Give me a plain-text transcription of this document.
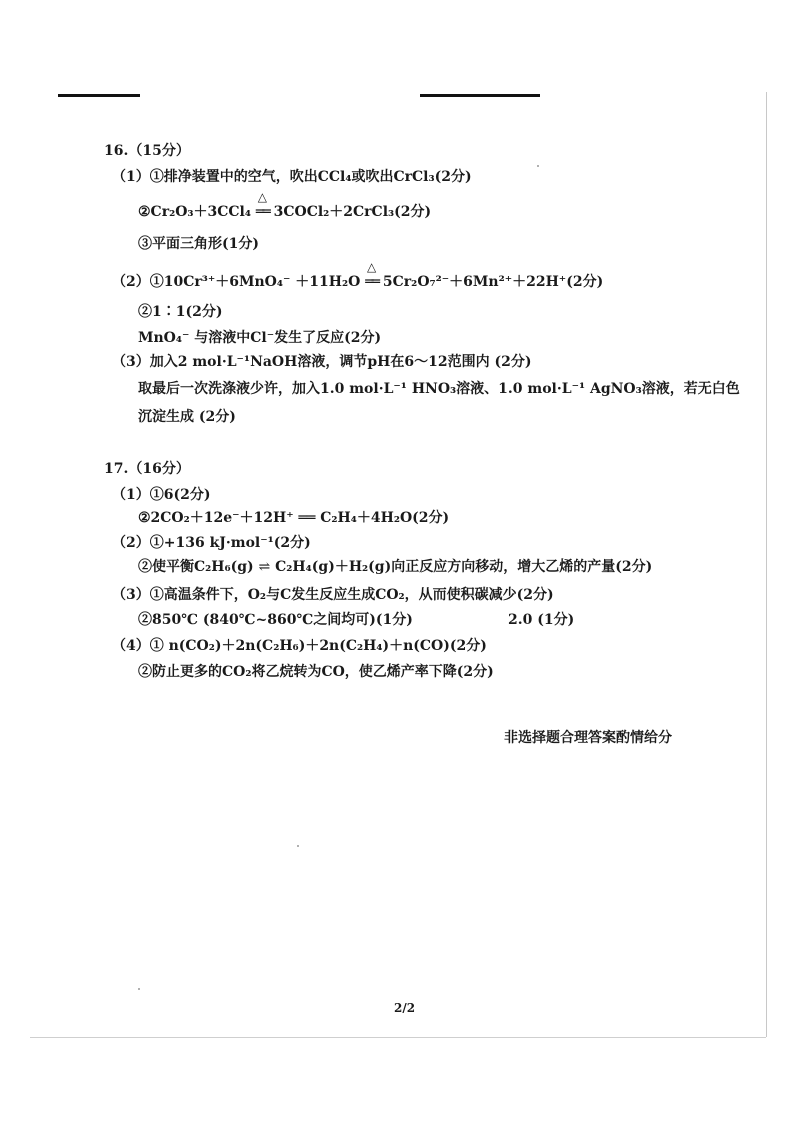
16.（15分）
（1）①排净装置中的空气，吹出CCl₄或吹出CrCl₃(2分)
②Cr₂O₃＋3CCl₄
△
══ 3COCl₂＋2CrCl₃(2分)
③平面三角形(1分)
（2）①10Cr³⁺＋6MnO₄⁻ ＋11H₂O
△
══ 5Cr₂O₇²⁻＋6Mn²⁺＋22H⁺(2分)
②1∶1(2分)
MnO₄⁻ 与溶液中Cl⁻发生了反应(2分)
（3）加入2 mol·L⁻¹NaOH溶液，调节pH在6～12范围内 (2分)
取最后一次洗涤液少许，加入1.0 mol·L⁻¹ HNO₃溶液、1.0 mol·L⁻¹ AgNO₃溶液，若无白色
沉淀生成 (2分)
17.（16分）
（1）①6(2分)
②2CO₂＋12e⁻＋12H⁺ ══ C₂H₄＋4H₂O(2分)
（2）①+136 kJ·mol⁻¹(2分)
②使平衡C₂H₆(g) ⇌ C₂H₄(g)＋H₂(g)向正反应方向移动，增大乙烯的产量(2分)
（3）①高温条件下，O₂与C发生反应生成CO₂，从而使积碳减少(2分)
②850℃ (840℃~860℃之间均可)(1分)	2.0 (1分)
（4）① n(CO₂)＋2n(C₂H₆)＋2n(C₂H₄)＋n(CO)(2分)
②防止更多的CO₂将乙烷转为CO，使乙烯产率下降(2分)
非选择题合理答案酌情给分
2/2
